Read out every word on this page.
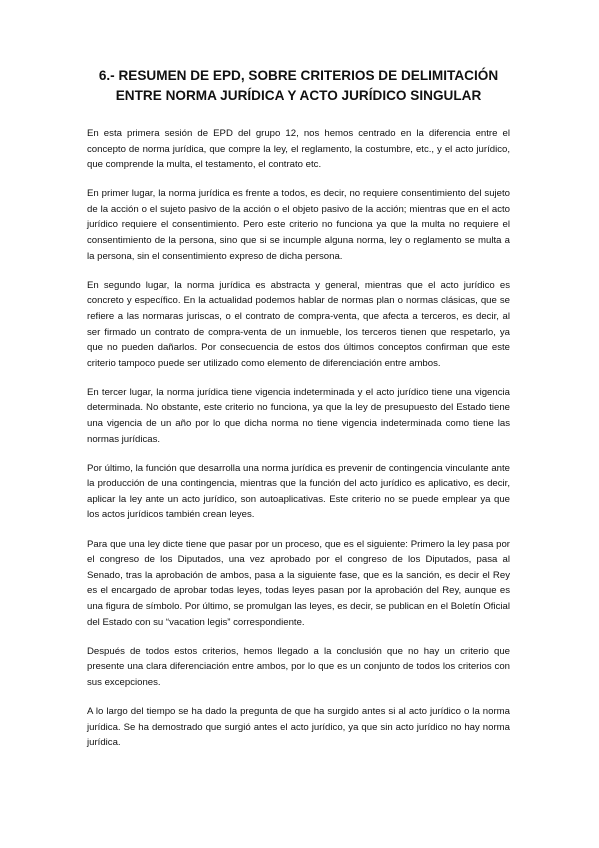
6.- RESUMEN DE EPD, SOBRE CRITERIOS DE DELIMITACIÓN
ENTRE NORMA JURÍDICA Y ACTO JURÍDICO SINGULAR

En esta primera sesión de EPD del grupo 12, nos hemos centrado en la diferencia entre el concepto de norma jurídica, que compre la ley, el reglamento, la costumbre, etc., y el acto jurídico, que comprende la multa, el testamento, el contrato etc.

En primer lugar, la norma jurídica es frente a todos, es decir, no requiere consentimiento del sujeto de la acción o el sujeto pasivo de la acción o el objeto pasivo de la acción; mientras que en el acto jurídico requiere el consentimiento. Pero este criterio no funciona ya que la multa no requiere el consentimiento de la persona, sino que si se incumple alguna norma, ley o reglamento se multa a la persona, sin el consentimiento expreso de dicha persona.

En segundo lugar, la norma jurídica es abstracta y general, mientras que el acto jurídico es concreto y específico. En la actualidad podemos hablar de normas plan o normas clásicas, que se refiere a las normaras juriscas, o el contrato de compra-venta, que afecta a terceros, es decir, al ser firmado un contrato de compra-venta de un inmueble, los terceros tienen que respetarlo, ya que no pueden dañarlos. Por consecuencia de estos dos últimos conceptos confirman que este criterio tampoco puede ser utilizado como elemento de diferenciación entre ambos.

En tercer lugar, la norma jurídica tiene vigencia indeterminada y el acto jurídico tiene una vigencia determinada. No obstante, este criterio no funciona, ya que la ley de presupuesto del Estado tiene una vigencia de un año por lo que dicha norma no tiene vigencia indeterminada como tiene las normas jurídicas.

Por último, la función que desarrolla una norma jurídica es prevenir de contingencia vinculante ante la producción de una contingencia, mientras que la función del acto jurídico es aplicativo, es decir, aplicar la ley ante un acto jurídico, son autoaplicativas. Este criterio no se puede emplear ya que los actos jurídicos también crean leyes.

Para que una ley dicte tiene que pasar por un proceso, que es el siguiente: Primero la ley pasa por el congreso de los Diputados, una vez aprobado por el congreso de los Diputados, pasa al Senado, tras la aprobación de ambos, pasa a la siguiente fase, que es la sanción, es decir el Rey es el encargado de aprobar todas leyes, todas leyes pasan por la aprobación del Rey, aunque es una figura de símbolo. Por último, se promulgan las leyes, es decir, se publican en el Boletín Oficial del Estado con su “vacation legis” correspondiente.

Después de todos estos criterios, hemos llegado a la conclusión que no hay un criterio que presente una clara diferenciación entre ambos, por lo que es un conjunto de todos los criterios con sus excepciones.

A lo largo del tiempo se ha dado la pregunta de que ha surgido antes si al acto jurídico o la norma jurídica. Se ha demostrado que surgió antes el acto jurídico, ya que sin acto jurídico no hay norma jurídica.
